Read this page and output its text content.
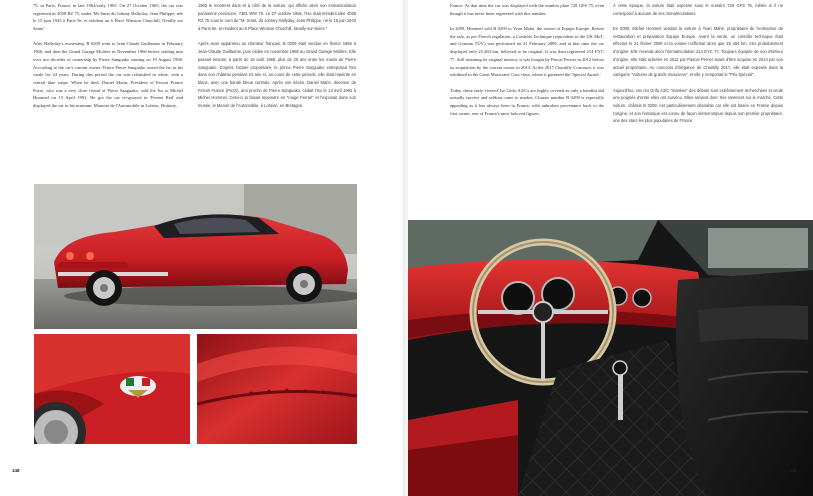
75, in Paris, France, in late 1964/early 1965. On 27 October 1965, the car was registered as 4058 RZ 75, under 'Mr Smet dit Johnny Hallyday, Jean Philippe, née le 15 juin 1943 à Paris 9e, et résident au 6 Place Winston Churchill, Neuilly sur Seine.'

After Hallyday's ownership, B 0209 went to Jean Claude Guillaume in February 1966, and then the Grand Garage Molière in November 1966 before settling into over two decades of ownership by Pierre Sanguako starting on 19 August 1968. According to the car's current owner, Prince Pierre Sanguako stored the Iso in his castle for 24 years. During this period the car was refinished in white, with a central blue stripe. When he died, Daniel Marin, President of Ferrari France Pozzi, who was a very close friend of Pierre Sanguako, sold the Iso to Michel Hommel on 13 April 1992. He got the car re-sprayed in 'Ferrari Red' and displayed the car in his museum, Manoire de l'Automobile in Lohéac, Brittany,

1965 le montrent dans et à côté de la voiture, qui affiche alors son immatriculation parisienne provisoire, 7381 WW 75. Le 27 octobre 1965, l'Iso était immatriculée 4058 RZ 75 sous le nom de "M. Smet, dit Johnny Hallyday, Jean-Philippe, né le 15 juin 1943 à Paris 9e, et résident au 6 Place Winston Churchill, Neuilly-sur-Seine."

Après avoir appartenu au chanteur français, B 0209 était vendue en février 1966 à Jean-Claude Guillaume, puis cédée en novembre 1966 au Grand Garage Molière. Elle passait ensuite, à partir du 19 août 1968, plus de 20 ans entre les mains de Pierre Sanguako. D'après l'actuel propriétaire, le prince Pierre Sanguako entreposait l'Iso dans son château pendant 24 ans et, au cours de cette période, elle était repeinte en blanc, avec une bande bleue centrale. Après son décès, Daniel Marin, directeur de Ferrari France (Pozzi), ami proche de Pierre Sanguako, cédait l'Iso le 13 avril 1992 à Michel Hommel. Celui-ci la faisait repeindre en "rouge Ferrari" et l'exposait dans son musée, le Manoir de l'Automobile, à Lohéac, en Bretagne.

148

France. At that time the car was displayed with the number plate 728 GFS 75, even though it has never been registered with this number.

In 2009, Hommel sold B 0209 to Yvan Mahé, the owner of Equipe Europe. Before the sale, as per French regulation, a Contrôle Technique (equivalent to the UK MoT, and German TÜV) was performed on 21 February 2009, and at that time the car displayed only 25,484 km, believed to be original. It was then registered 214 EYC 77. Still retaining its original interior, it was bought by Pascal Perrier in 2012 before its acquisition by the current owner in 2014. At the 2017 Chantilly Concours, it was exhibited in the Great Musicians' Cars class, where it garnered the 'Special Award.'

Today, these early 'riveted' Iso Grifo A3/Cs are highly coveted as only a handful did actually survive and seldom come to market. Chassis number B 0209 is especially appealing as it has always been in France, with unbroken provenance back to the first owner, one of France's most beloved figures.

À cette époque, la voiture était exposée sous le numéro 728 GFS 75, même si il ne correspond à aucune de ses immatriculations.

En 2009, Michel Hommel vendait la voiture à Yvan Mahé, propriétaire de l'entreprise de restauration et préparation Équipe Europe. Avant la vente, un contrôle technique était effectué le 21 février 2009 et la voiture n'affichait alors que 25 484 km, très probablement d'origine. Elle recevait alors l'immatriculation 214 EYC 77. Toujours équipée de son intérieur d'origine, elle était achetée en 2012 par Pascal Perrier avant d'être acquise en 2014 par son actuel propriétaire. Au concours d'élégance de Chantilly 2017, elle était exposée dans la catégorie "Voitures de grands musiciens", et elle y remportait le "Prix Spécial".

Aujourd'hui, ces Iso Grifo A3/C "rivetées" des débuts sont extrêmement recherchées et seule une poignée d'entre elles ont survécu. Elles arrivent donc très rarement sur le marché. Cette voiture, châssis B 0209, est particulièrement désirable car elle est basée en France depuis l'origine, et son historique est connu de façon ininterrompue depuis son premier propriétaire, une des stars les plus populaires de France.

149
